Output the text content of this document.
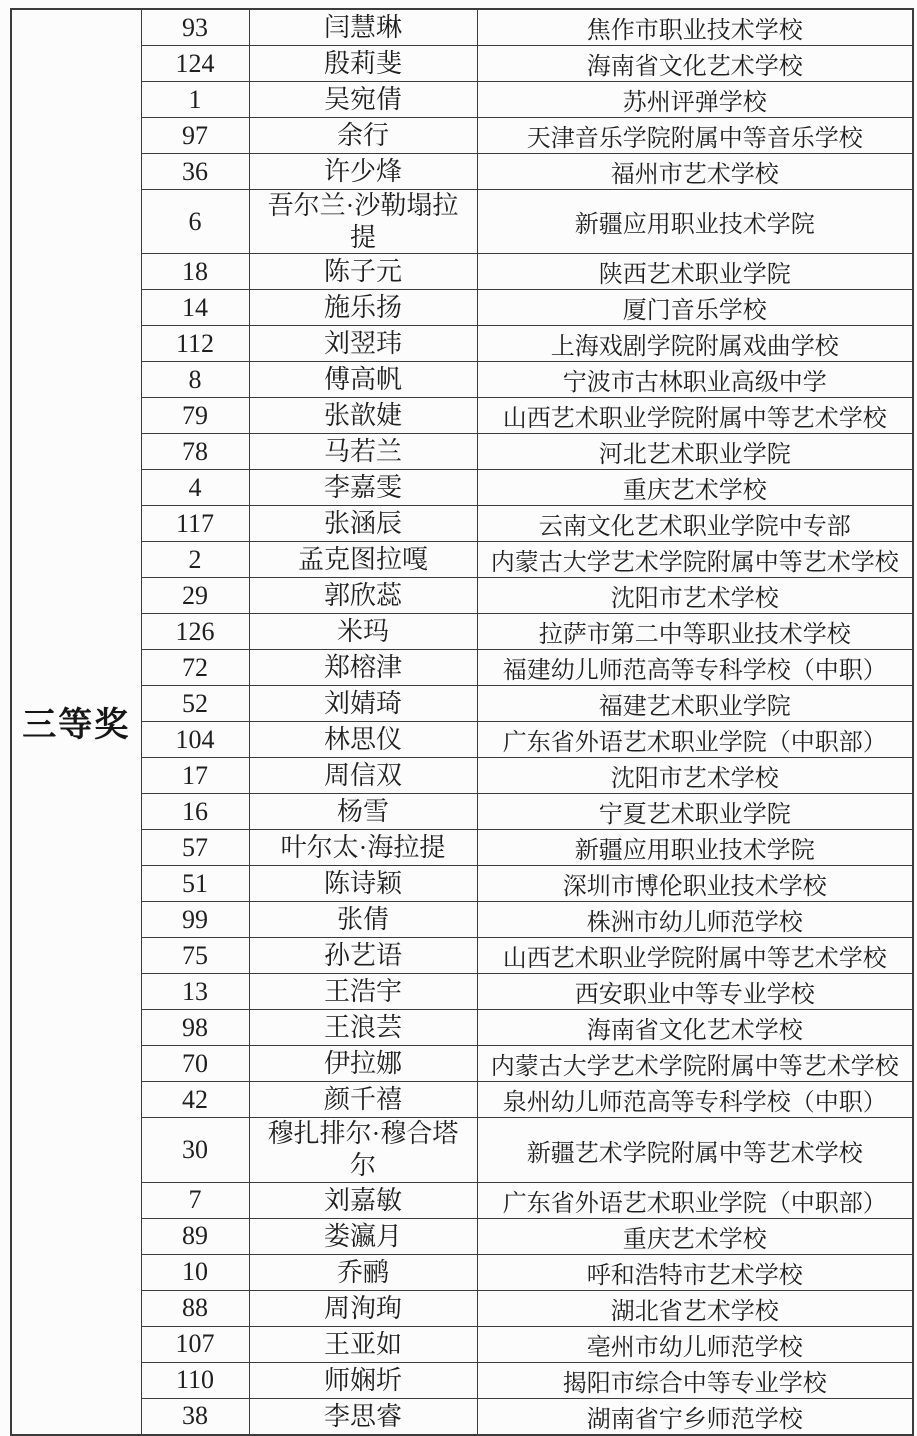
三等奖	93	闫慧琳	焦作市职业技术学校
	124	殷莉斐	海南省文化艺术学校
	1	吴宛倩	苏州评弹学校
	97	余行	天津音乐学院附属中等音乐学校
	36	许少烽	福州市艺术学校
	6	吾尔兰·沙勒塌拉提	新疆应用职业技术学院
	18	陈子元	陕西艺术职业学院
	14	施乐扬	厦门音乐学校
	112	刘翌玮	上海戏剧学院附属戏曲学校
	8	傅高帆	宁波市古林职业高级中学
	79	张歆婕	山西艺术职业学院附属中等艺术学校
	78	马若兰	河北艺术职业学院
	4	李嘉雯	重庆艺术学校
	117	张涵辰	云南文化艺术职业学院中专部
	2	孟克图拉嘎	内蒙古大学艺术学院附属中等艺术学校
	29	郭欣蕊	沈阳市艺术学校
	126	米玛	拉萨市第二中等职业技术学校
	72	郑榕津	福建幼儿师范高等专科学校（中职）
	52	刘婧琦	福建艺术职业学院
	104	林思仪	广东省外语艺术职业学院（中职部）
	17	周信双	沈阳市艺术学校
	16	杨雪	宁夏艺术职业学院
	57	叶尔太·海拉提	新疆应用职业技术学院
	51	陈诗颖	深圳市博伦职业技术学校
	99	张倩	株洲市幼儿师范学校
	75	孙艺语	山西艺术职业学院附属中等艺术学校
	13	王浩宇	西安职业中等专业学校
	98	王浪芸	海南省文化艺术学校
	70	伊拉娜	内蒙古大学艺术学院附属中等艺术学校
	42	颜千禧	泉州幼儿师范高等专科学校（中职）
	30	穆扎排尔·穆合塔尔	新疆艺术学院附属中等艺术学校
	7	刘嘉敏	广东省外语艺术职业学院（中职部）
	89	娄瀛月	重庆艺术学校
	10	乔鹂	呼和浩特市艺术学校
	88	周洵珣	湖北省艺术学校
	107	王亚如	亳州市幼儿师范学校
	110	师娴圻	揭阳市综合中等专业学校
	38	李思睿	湖南省宁乡师范学校
